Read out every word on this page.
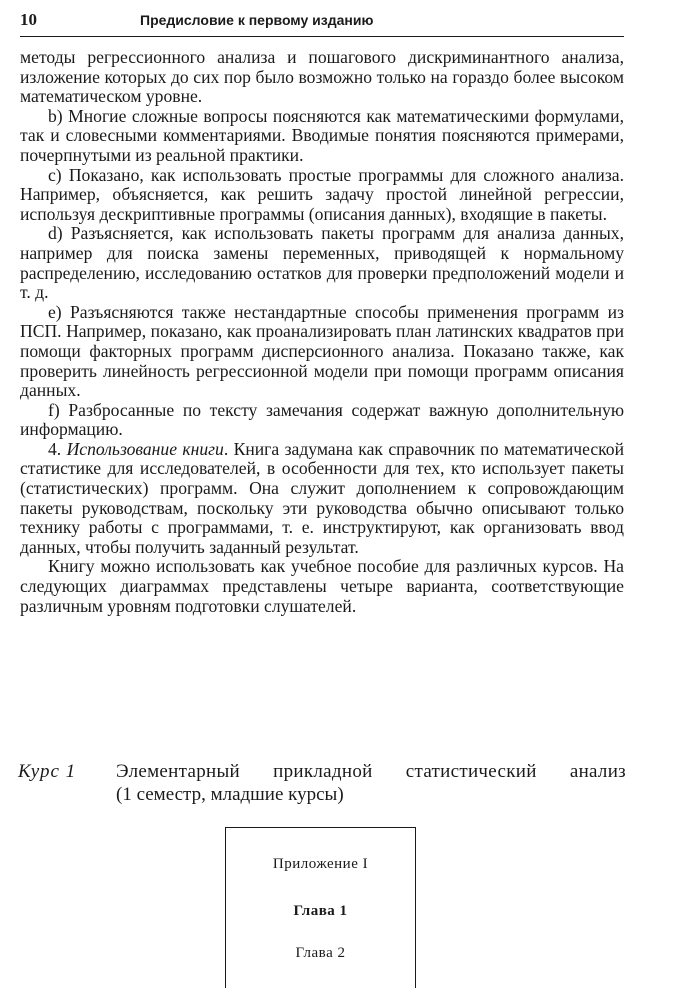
10	Предисловие к первому изданию

методы регрессионного анализа и пошагового дискриминантного анализа, изложение которых до сих пор было возможно только на гораздо более высоком математическом уровне.

b) Многие сложные вопросы поясняются как математическими формулами, так и словесными комментариями. Вводимые понятия поясняются примерами, почерпнутыми из реальной практики.

с) Показано, как использовать простые программы для сложного анализа. Например, объясняется, как решить задачу простой линейной регрессии, используя дескриптивные программы (описания данных), входящие в пакеты.

d) Разъясняется, как использовать пакеты программ для анализа данных, например для поиска замены переменных, приводящей к нормальному распределению, исследованию остатков для проверки предположений модели и т. д.

е) Разъясняются также нестандартные способы применения программ из ПСП. Например, показано, как проанализировать план латинских квадратов при помощи факторных программ дисперсионного анализа. Показано также, как проверить линейность регрессионной модели при помощи программ описания данных.

f) Разбросанные по тексту замечания содержат важную дополнительную информацию.

4. Использование книги. Книга задумана как справочник по математической статистике для исследователей, в особенности для тех, кто использует пакеты (статистических) программ. Она служит дополнением к сопровождающим пакеты руководствам, поскольку эти руководства обычно описывают только технику работы с программами, т. е. инструктируют, как организовать ввод данных, чтобы получить заданный результат.

Книгу можно использовать как учебное пособие для различных курсов. На следующих диаграммах представлены четыре варианта, соответствующие различным уровням подготовки слушателей.

Курс 1 Элементарный прикладной статистический анализ
(1 семестр, младшие курсы)
Приложение I
Глава 1
Глава 2
